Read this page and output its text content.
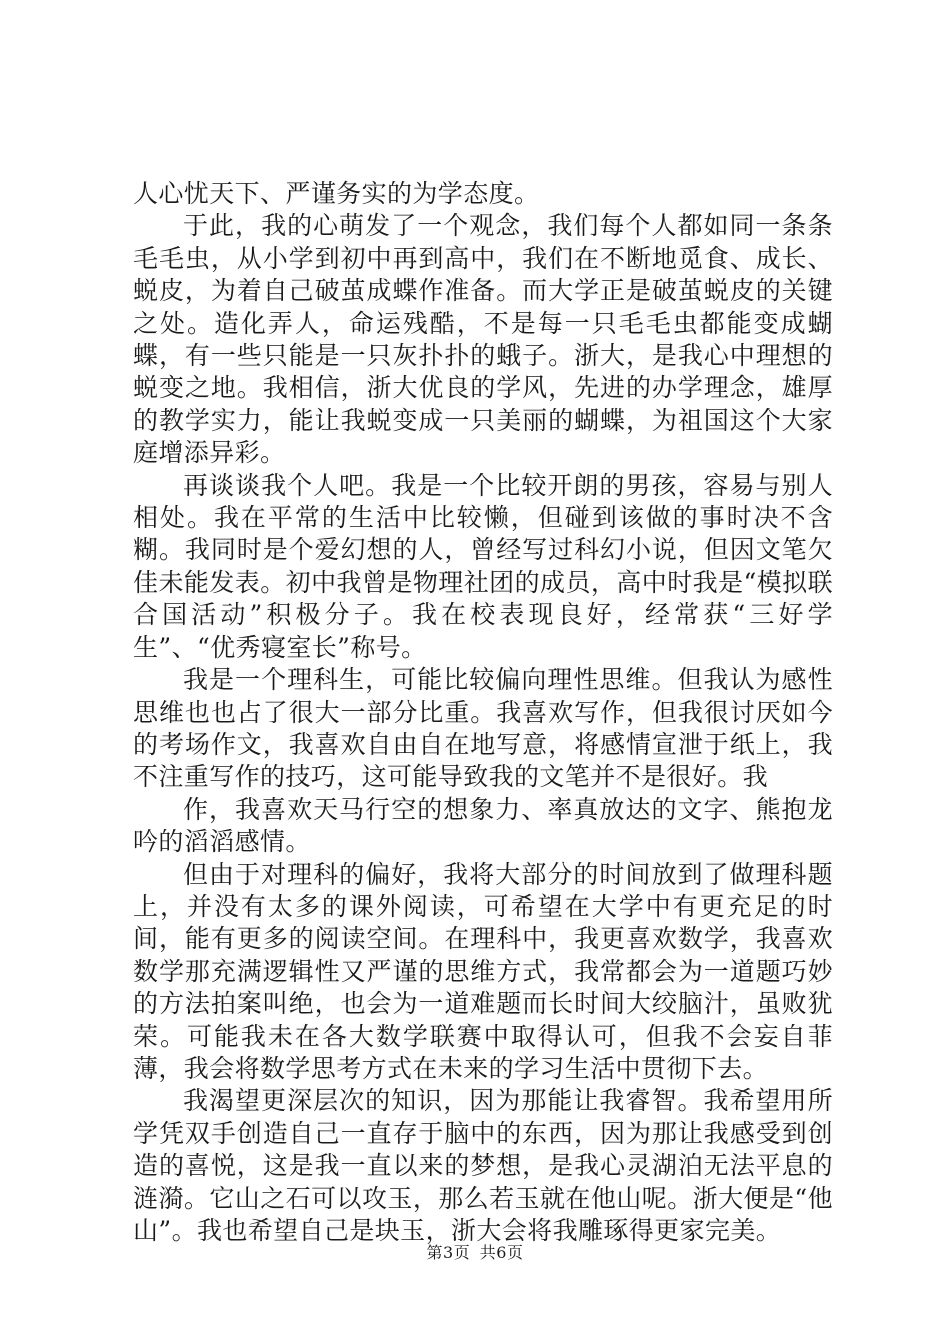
人心忧天下、严谨务实的为学态度。

于此，我的心萌发了一个观念，我们每个人都如同一条条毛毛虫，从小学到初中再到高中，我们在不断地觅食、成长、蜕皮，为着自己破茧成蝶作准备。而大学正是破茧蜕皮的关键之处。造化弄人，命运残酷，不是每一只毛毛虫都能变成蝴蝶，有一些只能是一只灰扑扑的蛾子。浙大，是我心中理想的蜕变之地。我相信，浙大优良的学风，先进的办学理念，雄厚的教学实力，能让我蜕变成一只美丽的蝴蝶，为祖国这个大家庭增添异彩。

再谈谈我个人吧。我是一个比较开朗的男孩，容易与别人相处。我在平常的生活中比较懒，但碰到该做的事时决不含糊。我同时是个爱幻想的人，曾经写过科幻小说，但因文笔欠佳未能发表。初中我曾是物理社团的成员，高中时我是“模拟联合国活动”积极分子。我在校表现良好，经常获“三好学生”、“优秀寝室长”称号。

我是一个理科生，可能比较偏向理性思维。但我认为感性思维也也占了很大一部分比重。我喜欢写作，但我很讨厌如今的考场作文，我喜欢自由自在地写意，将感情宣泄于纸上，我不注重写作的技巧，这可能导致我的文笔并不是很好。我

作，我喜欢天马行空的想象力、率真放达的文字、熊抱龙吟的滔滔感情。

但由于对理科的偏好，我将大部分的时间放到了做理科题上，并没有太多的课外阅读，可希望在大学中有更充足的时间，能有更多的阅读空间。在理科中，我更喜欢数学，我喜欢数学那充满逻辑性又严谨的思维方式，我常都会为一道题巧妙的方法拍案叫绝，也会为一道难题而长时间大绞脑汁，虽败犹荣。可能我未在各大数学联赛中取得认可，但我不会妄自菲薄，我会将数学思考方式在未来的学习生活中贯彻下去。

我渴望更深层次的知识，因为那能让我睿智。我希望用所学凭双手创造自己一直存于脑中的东西，因为那让我感受到创造的喜悦，这是我一直以来的梦想，是我心灵湖泊无法平息的涟漪。它山之石可以攻玉，那么若玉就在他山呢。浙大便是“他山”。我也希望自己是块玉，浙大会将我雕琢得更家完美。

第3页 共6页
